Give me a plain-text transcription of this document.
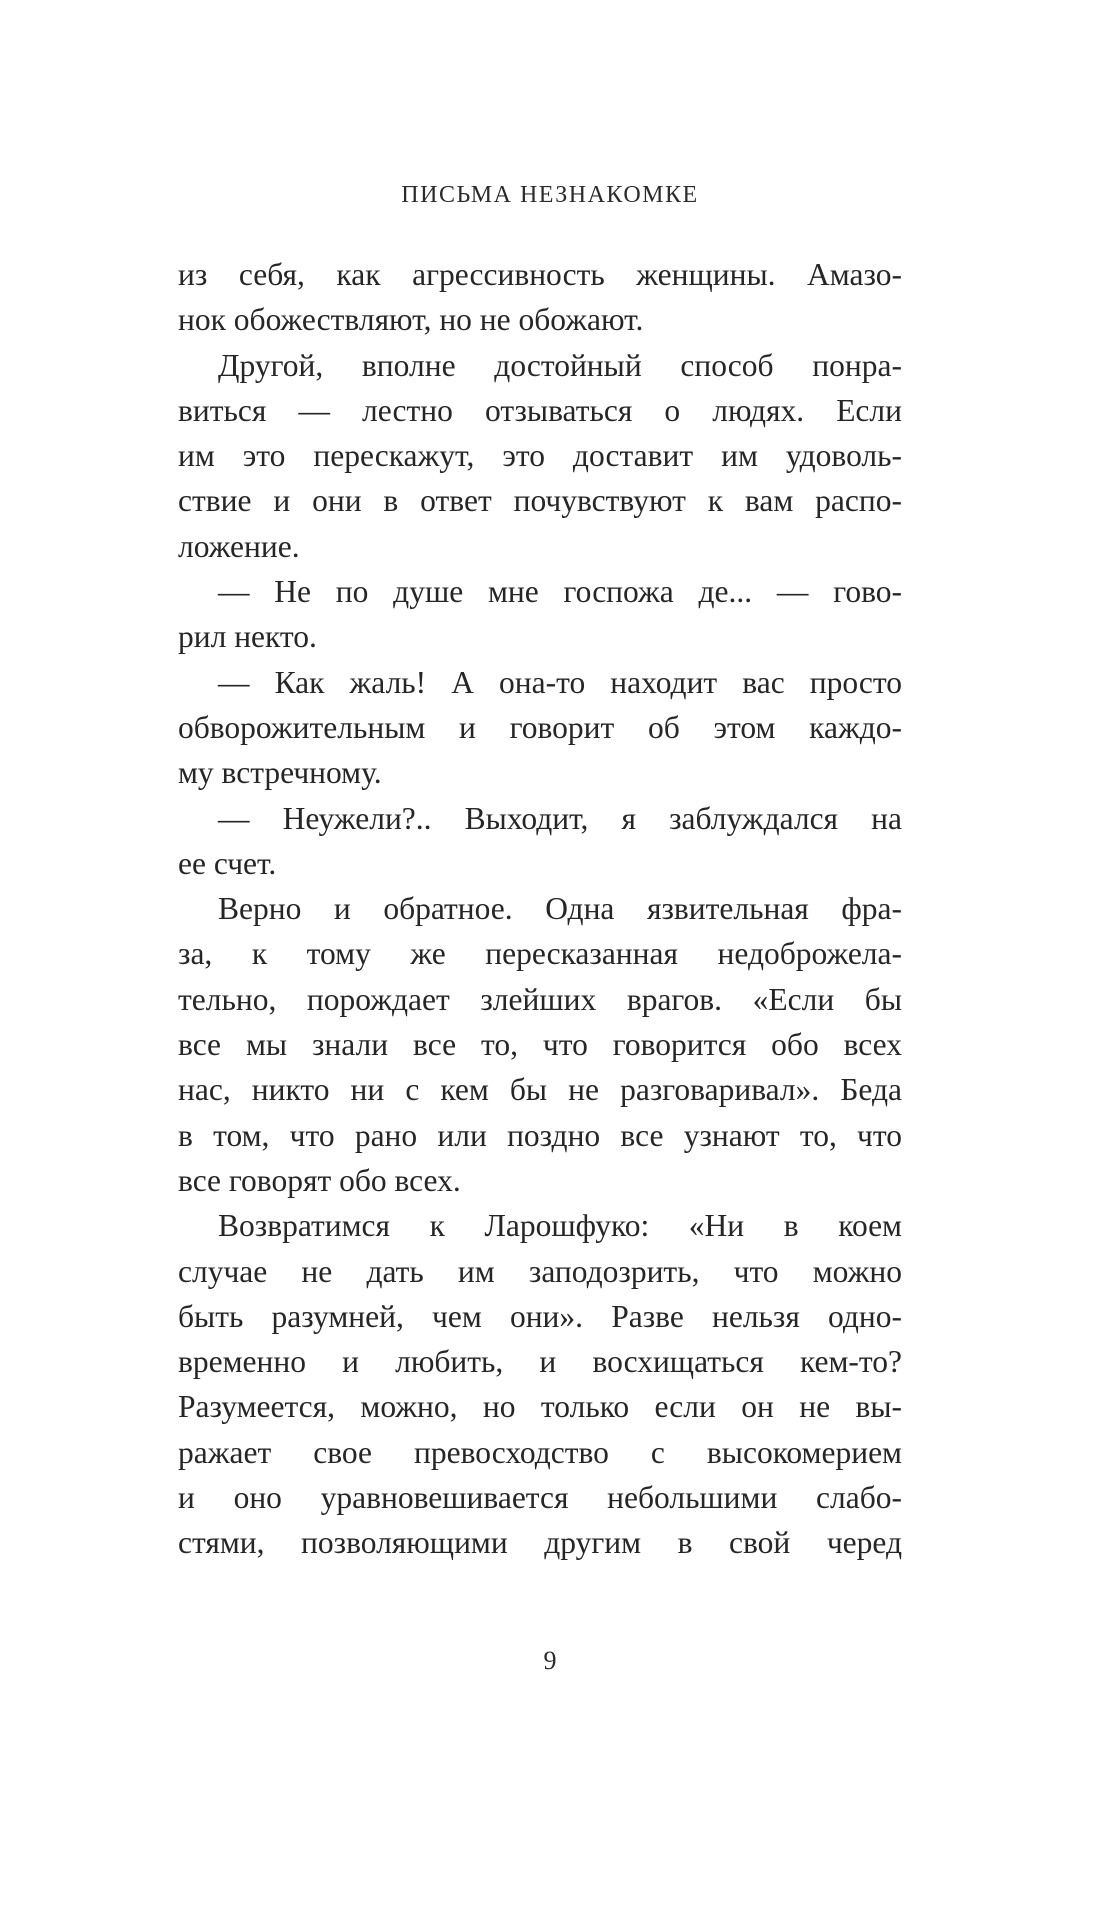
ПИСЬМА НЕЗНАКОМКЕ
из себя, как агрессивность женщины. Амазо-
нок обожествляют, но не обожают.
Другой, вполне достойный способ понра-
виться — лестно отзываться о людях. Если
им это перескажут, это доставит им удоволь-
ствие и они в ответ почувствуют к вам распо-
ложение.
— Не по душе мне госпожа де... — гово-
рил некто.
— Как жаль! А она-то находит вас просто
обворожительным и говорит об этом каждо-
му встречному.
— Неужели?.. Выходит, я заблуждался на
ее счет.
Верно и обратное. Одна язвительная фра-
за, к тому же пересказанная недоброжела-
тельно, порождает злейших врагов. «Если бы
все мы знали все то, что говорится обо всех
нас, никто ни с кем бы не разговаривал». Беда
в том, что рано или поздно все узнают то, что
все говорят обо всех.
Возвратимся к Ларошфуко: «Ни в коем
случае не дать им заподозрить, что можно
быть разумней, чем они». Разве нельзя одно-
временно и любить, и восхищаться кем-то?
Разумеется, можно, но только если он не вы-
ражает свое превосходство с высокомерием
и оно уравновешивается небольшими слабо-
стями, позволяющими другим в свой черед
9
